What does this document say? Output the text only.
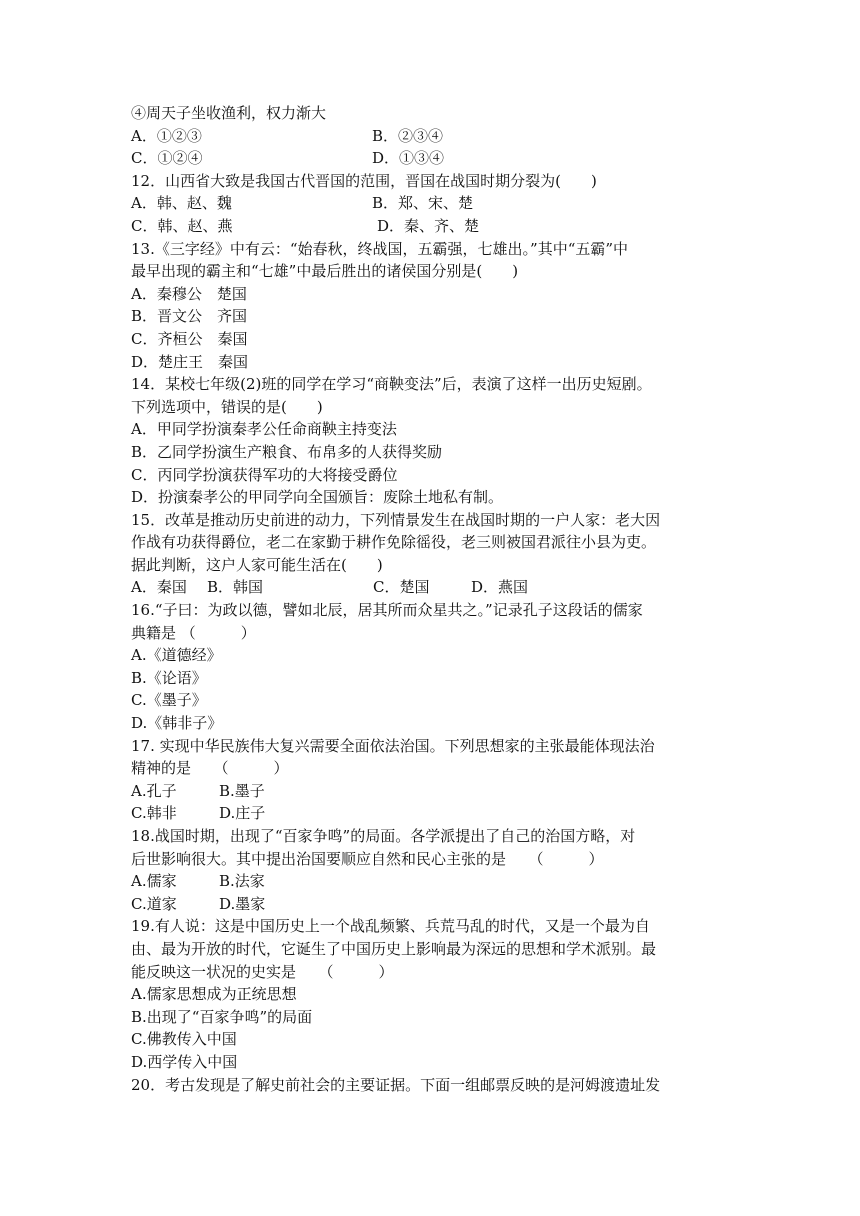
④周天子坐收渔利，权力渐大
A．①②③	B．②③④
C．①②④	D．①③④
12．山西省大致是我国古代晋国的范围，晋国在战国时期分裂为(　　)
A．韩、赵、魏	B．郑、宋、楚
C．韩、赵、燕	D．秦、齐、楚
13.《三字经》中有云：“始春秋，终战国，五霸强，七雄出。”其中“五霸”中
最早出现的霸主和“七雄”中最后胜出的诸侯国分别是(　　)
A．秦穆公　楚国
B．晋文公　齐国
C．齐桓公　秦国
D．楚庄王　秦国
14．某校七年级(2)班的同学在学习“商鞅变法”后，表演了这样一出历史短剧。
下列选项中，错误的是(　　)
A．甲同学扮演秦孝公任命商鞅主持变法
B．乙同学扮演生产粮食、布帛多的人获得奖励
C．丙同学扮演获得军功的大将接受爵位
D．扮演秦孝公的甲同学向全国颁旨：废除土地私有制。
15．改革是推动历史前进的动力，下列情景发生在战国时期的一户人家：老大因
作战有功获得爵位，老二在家勤于耕作免除徭役，老三则被国君派往小县为吏。
据此判断，这户人家可能生活在(　　)
A．秦国 B．韩国	C．楚国	D．燕国
16.“子曰：为政以德，譬如北辰，居其所而众星共之。”记录孔子这段话的儒家
典籍是 （　　　）
A.《道德经》
B.《论语》
C.《墨子》
D.《韩非子》
17. 实现中华民族伟大复兴需要全面依法治国。下列思想家的主张最能体现法治
精神的是　　（　　　）
A.孔子	B.墨子
C.韩非	D.庄子
18.战国时期，出现了“百家争鸣”的局面。各学派提出了自己的治国方略，对
后世影响很大。其中提出治国要顺应自然和民心主张的是　　（　　　）
A.儒家	B.法家
C.道家	D.墨家
19.有人说：这是中国历史上一个战乱频繁、兵荒马乱的时代，又是一个最为自
由、最为开放的时代，它诞生了中国历史上影响最为深远的思想和学术派别。最
能反映这一状况的史实是　　（　　　）
A.儒家思想成为正统思想
B.出现了“百家争鸣”的局面
C.佛教传入中国
D.西学传入中国
20．考古发现是了解史前社会的主要证据。下面一组邮票反映的是河姆渡遗址发
